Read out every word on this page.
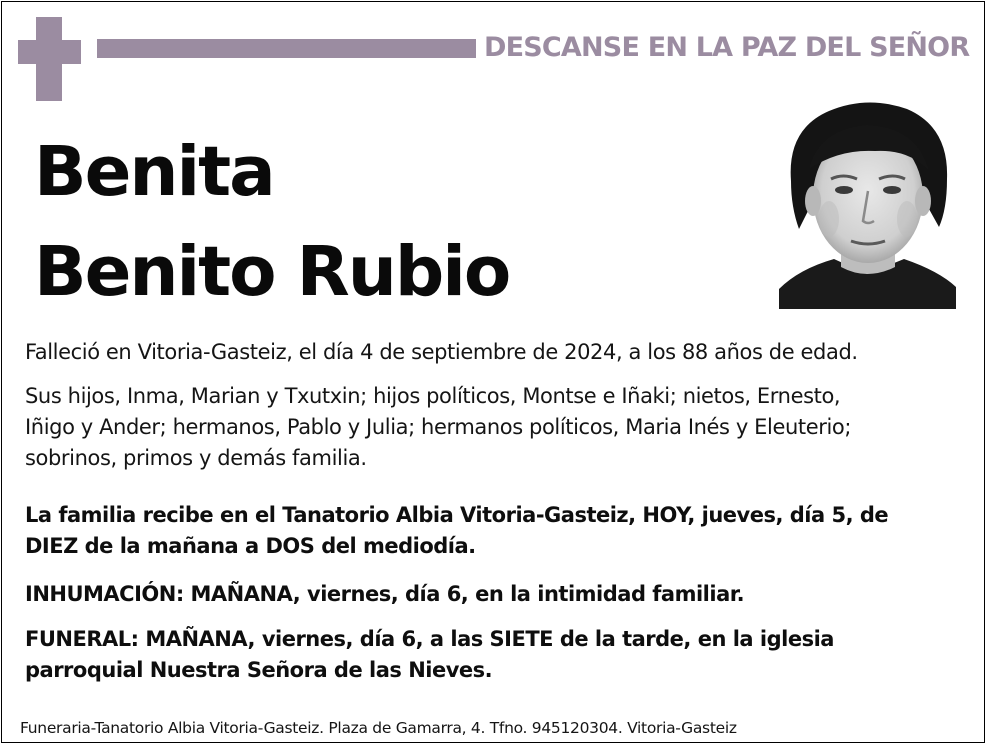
DESCANSE EN LA PAZ DEL SEÑOR
Benita
Benito Rubio
Falleció en Vitoria-Gasteiz, el día 4 de septiembre de 2024, a los 88 años de edad.
Sus hijos, Inma, Marian y Txutxin; hijos políticos, Montse e Iñaki; nietos, Ernesto,
Iñigo y Ander; hermanos, Pablo y Julia; hermanos políticos, Maria Inés y Eleuterio;
sobrinos, primos y demás familia.
La familia recibe en el Tanatorio Albia Vitoria-Gasteiz, HOY, jueves, día 5, de
DIEZ de la mañana a DOS del mediodía.
INHUMACIÓN: MAÑANA, viernes, día 6, en la intimidad familiar.
FUNERAL: MAÑANA, viernes, día 6, a las SIETE de la tarde, en la iglesia
parroquial Nuestra Señora de las Nieves.
Funeraria-Tanatorio Albia Vitoria-Gasteiz. Plaza de Gamarra, 4. Tfno. 945120304. Vitoria-Gasteiz
